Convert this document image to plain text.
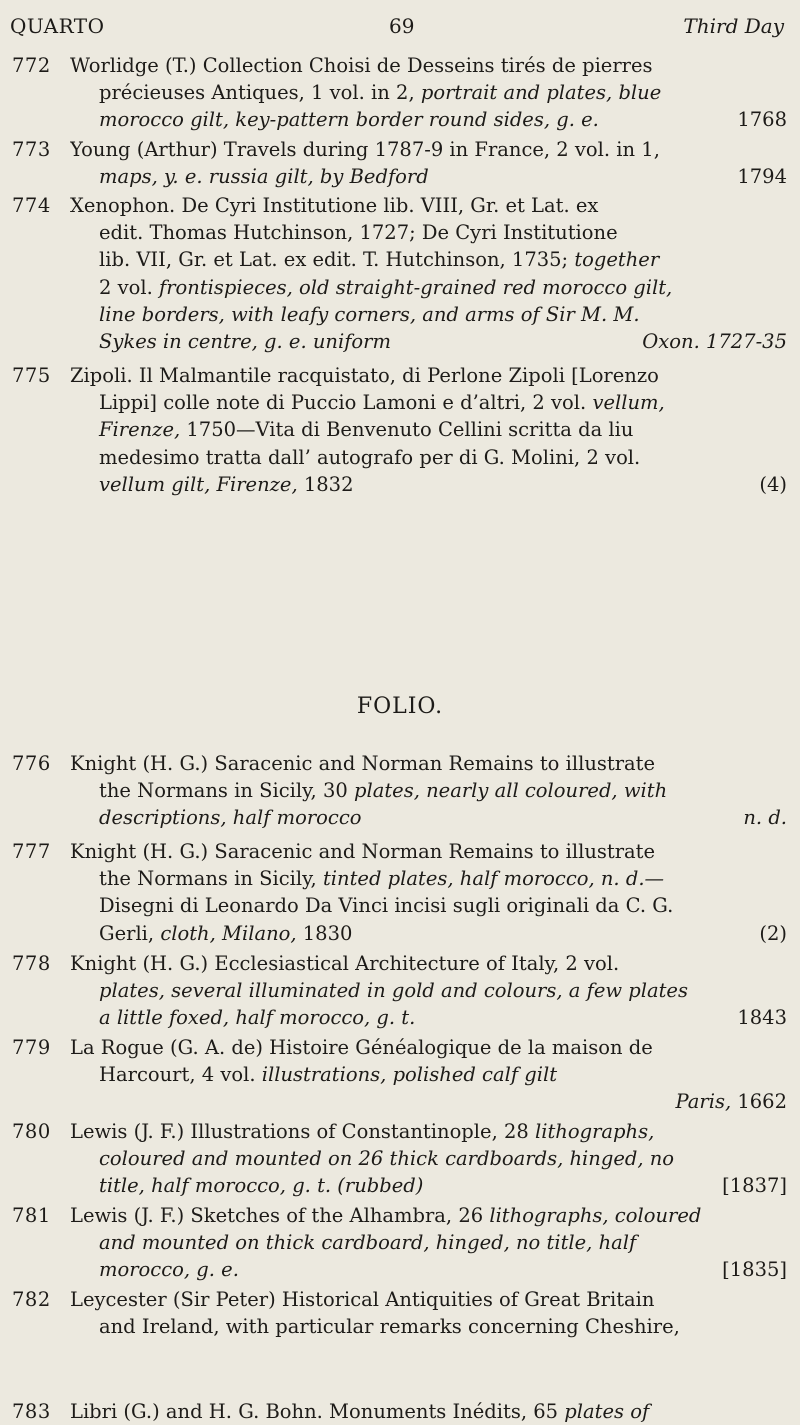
QUARTO	69	Third Day
772 Worlidge (T.) Collection Choisi de Desseins tirés de pierres
précieuses Antiques, 1 vol. in 2, portrait and plates, blue
morocco gilt, key-pattern border round sides, g. e.	1768
773 Young (Arthur) Travels during 1787-9 in France, 2 vol. in 1,
maps, y. e. russia gilt, by Bedford	1794
774 Xenophon. De Cyri Institutione lib. VIII, Gr. et Lat. ex
edit. Thomas Hutchinson, 1727; De Cyri Institutione
lib. VII, Gr. et Lat. ex edit. T. Hutchinson, 1735; together
2 vol. frontispieces, old straight-grained red morocco gilt,
line borders, with leafy corners, and arms of Sir M. M.
Sykes in centre, g. e. uniform	Oxon. 1727-35
775 Zipoli. Il Malmantile racquistato, di Perlone Zipoli [Lorenzo
Lippi] colle note di Puccio Lamoni e d’altri, 2 vol. vellum,
Firenze, 1750—Vita di Benvenuto Cellini scritta da liu
medesimo tratta dall’ autografo per di G. Molini, 2 vol.
vellum gilt, Firenze, 1832	(4)
FOLIO.
776 Knight (H. G.) Saracenic and Norman Remains to illustrate
the Normans in Sicily, 30 plates, nearly all coloured, with
descriptions, half morocco	n. d.
777 Knight (H. G.) Saracenic and Norman Remains to illustrate
the Normans in Sicily, tinted plates, half morocco, n. d.—
Disegni di Leonardo Da Vinci incisi sugli originali da C. G.
Gerli, cloth, Milano, 1830	(2)
778 Knight (H. G.) Ecclesiastical Architecture of Italy, 2 vol.
plates, several illuminated in gold and colours, a few plates
a little foxed, half morocco, g. t.	1843
779 La Rogue (G. A. de) Histoire Généalogique de la maison de
Harcourt, 4 vol. illustrations, polished calf gilt
Paris, 1662
780 Lewis (J. F.) Illustrations of Constantinople, 28 lithographs,
coloured and mounted on 26 thick cardboards, hinged, no
title, half morocco, g. t. (rubbed)	[1837]
781 Lewis (J. F.) Sketches of the Alhambra, 26 lithographs, coloured
and mounted on thick cardboard, hinged, no title, half
morocco, g. e.	[1835]
782 Leycester (Sir Peter) Historical Antiquities of Great Britain
and Ireland, with particular remarks concerning Cheshire,
783 Libri (G.) and H. G. Bohn. Monuments Inédits, 65 plates of
